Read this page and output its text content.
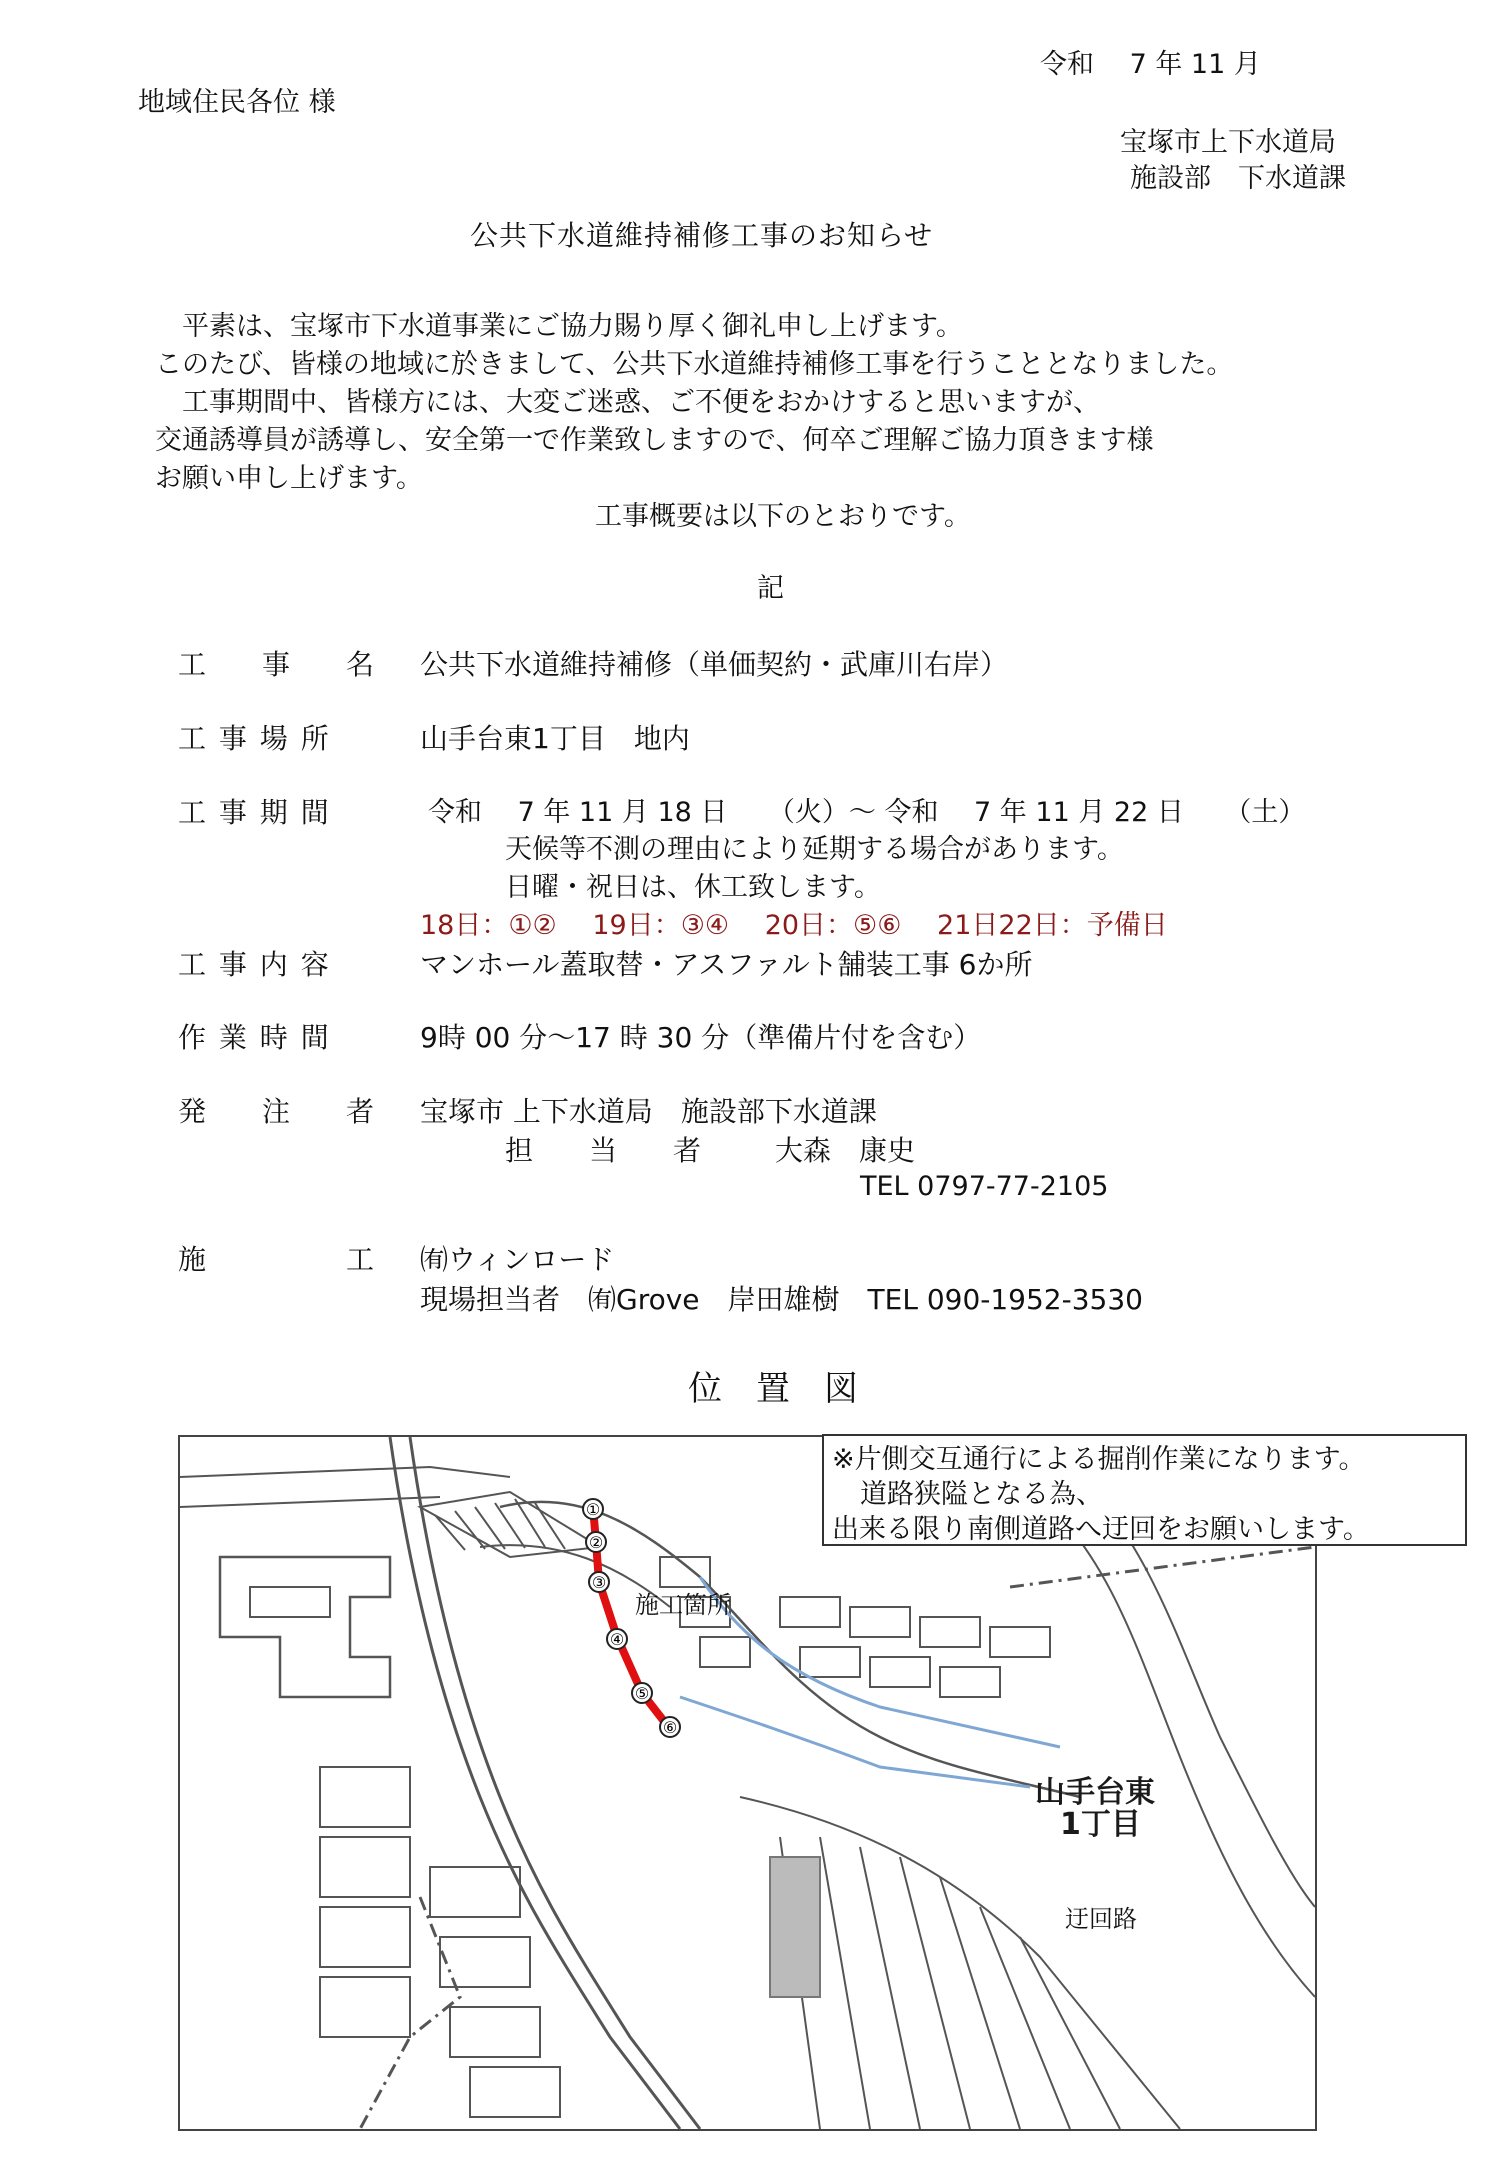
令和　 7 年 11 月
地域住民各位 様
宝塚市上下水道局
施設部　下水道課
公共下水道維持補修工事のお知らせ
平素は、宝塚市下水道事業にご協力賜り厚く御礼申し上げます。
このたび、皆様の地域に於きまして、公共下水道維持補修工事を行うこととなりました。
工事期間中、皆様方には、大変ご迷惑、ご不便をおかけすると思いますが、
交通誘導員が誘導し、安全第一で作業致しますので、何卒ご理解ご協力頂きます様
お願い申し上げます。
工事概要は以下のとおりです。
記
工　　事　　名 公共下水道維持補修（単価契約・武庫川右岸）
工 事 場 所	山手台東1丁目　地内
工 事 期 間	令和　 7 年 11 月 18 日　　（火）～ 令和　 7 年 11 月 22 日　　（土）
天候等不測の理由により延期する場合があります。
日曜・祝日は、休工致します。
18日：①②　 19日：③④　 20日：⑤⑥　 21日22日：予備日
工 事 内 容	マンホール蓋取替・アスファルト舗装工事 6か所
作 業 時 間	9時 00 分～17 時 30 分（準備片付を含む）
発　　注　　者 宝塚市 上下水道局　施設部下水道課
担　　当　　者	大森　康史
TEL 0797-77-2105
施　　　　　工 ㈲ウィンロード
現場担当者　㈲Grove　岸田雄樹　TEL 090-1952-3530
位　置　図
①
②
③
④
⑤
⑥
施工箇所
山手台東
1丁目
迂回路
※片側交互通行による掘削作業になります。
道路狭隘となる為、
出来る限り南側道路へ迂回をお願いします。
